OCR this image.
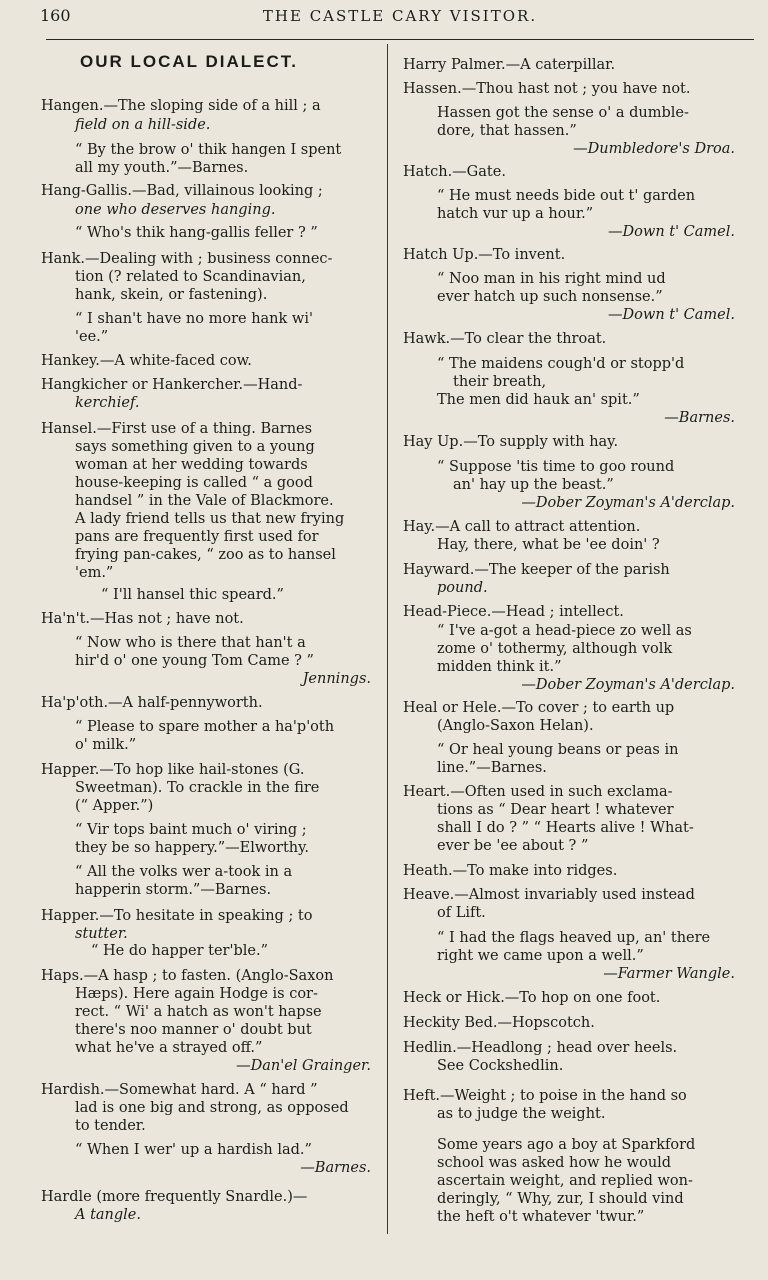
160	THE CASTLE CARY VISITOR.
OUR LOCAL DIALECT.
Hangen.—The sloping side of a hill ; a
field on a hill-side.
“ By the brow o' thik hangen I spent
all my youth.”—Barnes.
Hang-Gallis.—Bad, villainous looking ;
one who deserves hanging.
“ Who's thik hang-gallis feller ? ”
Hank.—Dealing with ; business connec-
tion (? related to Scandinavian,
hank, skein, or fastening).
“ I shan't have no more hank wi'
'ee.”
Hankey.—A white-faced cow.
Hangkicher or Hankercher.—Hand-
kerchief.
Hansel.—First use of a thing. Barnes
says something given to a young
woman at her wedding towards
house-keeping is called “ a good
handsel ” in the Vale of Blackmore.
A lady friend tells us that new frying
pans are frequently first used for
frying pan-cakes, “ zoo as to hansel
'em.”
“ I'll hansel thic speard.”
Ha'n't.—Has not ; have not.
“ Now who is there that han't a
hir'd o' one young Tom Came ? ”
Jennings.
Ha'p'oth.—A half-pennyworth.
“ Please to spare mother a ha'p'oth
o' milk.”
Happer.—To hop like hail-stones (G.
Sweetman). To crackle in the fire
(“ Apper.”)
“ Vir tops baint much o' viring ;
they be so happery.”—Elworthy.
“ All the volks wer a-took in a
happerin storm.”—Barnes.
Happer.—To hesitate in speaking ; to
stutter.
“ He do happer ter'ble.”
Haps.—A hasp ; to fasten. (Anglo-Saxon
Hæps). Here again Hodge is cor-
rect. “ Wi' a hatch as won't hapse
there's noo manner o' doubt but
what he've a strayed off.”
—Dan'el Grainger.
Hardish.—Somewhat hard. A “ hard ”
lad is one big and strong, as opposed
to tender.
“ When I wer' up a hardish lad.”
—Barnes.
Hardle (more frequently Snardle.)—
A tangle.
Harry Palmer.—A caterpillar.
Hassen.—Thou hast not ; you have not.
Hassen got the sense o' a dumble-
dore, that hassen.”
—Dumbledore's Droa.
Hatch.—Gate.
“ He must needs bide out t' garden
hatch vur up a hour.”
—Down t' Camel.
Hatch Up.—To invent.
“ Noo man in his right mind ud
ever hatch up such nonsense.”
—Down t' Camel.
Hawk.—To clear the throat.
“ The maidens cough'd or stopp'd
their breath,
The men did hauk an' spit.”
—Barnes.
Hay Up.—To supply with hay.
“ Suppose 'tis time to goo round
an' hay up the beast.”
—Dober Zoyman's A'derclap.
Hay.—A call to attract attention.
Hay, there, what be 'ee doin' ?
Hayward.—The keeper of the parish
pound.
Head-Piece.—Head ; intellect.
“ I've a-got a head-piece zo well as
zome o' tothermy, although volk
midden think it.”
—Dober Zoyman's A'derclap.
Heal or Hele.—To cover ; to earth up
(Anglo-Saxon Helan).
“ Or heal young beans or peas in
line.”—Barnes.
Heart.—Often used in such exclama-
tions as “ Dear heart ! whatever
shall I do ? ” “ Hearts alive ! What-
ever be 'ee about ? ”
Heath.—To make into ridges.
Heave.—Almost invariably used instead
of Lift.
“ I had the flags heaved up, an' there
right we came upon a well.”
—Farmer Wangle.
Heck or Hick.—To hop on one foot.
Heckity Bed.—Hopscotch.
Hedlin.—Headlong ; head over heels.
See Cockshedlin.
Heft.—Weight ; to poise in the hand so
as to judge the weight.
Some years ago a boy at Sparkford
school was asked how he would
ascertain weight, and replied won-
deringly, “ Why, zur, I should vind
the heft o't whatever 'twur.”
